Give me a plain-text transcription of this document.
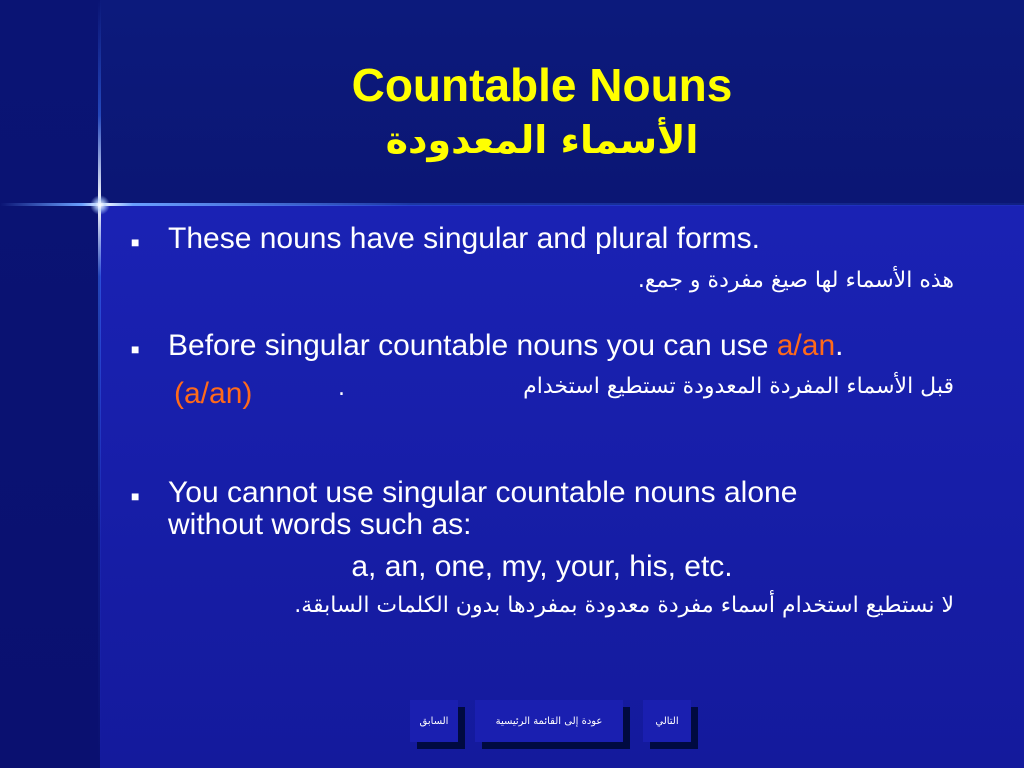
Countable Nouns
الأسماء المعدودة
■ These nouns have singular and plural forms.
هذه الأسماء لها صيغ مفردة و جمع.
■ Before singular countable nouns you can use a/an.
قبل الأسماء المفردة المعدودة تستطيع استخدام
.
(a/an)
■ You cannot use singular countable nouns alone
without words such as:
a, an, one, my, your, his, etc.
لا نستطيع استخدام أسماء مفردة معدودة بمفردها بدون الكلمات السابقة.
السابق	عودة إلى القائمة الرئيسية	التالي
